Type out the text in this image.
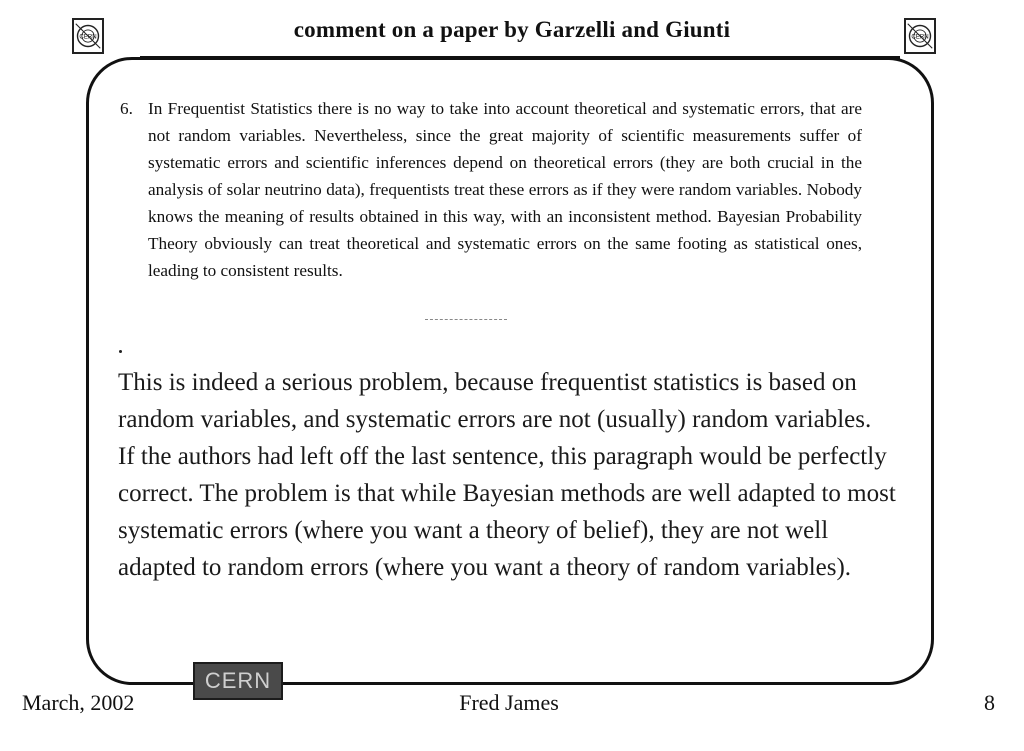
CERN	comment on a paper by Garzelli and Giunti	CERN
6. In Frequentist Statistics there is no way to take into account theoretical and systematic errors, that are not random variables. Nevertheless, since the great majority of scientific measurements suffer of systematic errors and scientific inferences depend on theoretical errors (they are both crucial in the analysis of solar neutrino data), frequentists treat these errors as if they were random variables. Nobody knows the meaning of results obtained in this way, with an inconsistent method. Bayesian Probability Theory obviously can treat theoretical and systematic errors on the same footing as statistical ones, leading to consistent results.

This is indeed a serious problem, because frequentist statistics is based on random variables, and systematic errors are not (usually) random variables.

If the authors had left off the last sentence, this paragraph would be perfectly correct. The problem is that while Bayesian methods are well adapted to most systematic errors (where you want a theory of belief), they are not well adapted to random errors (where you want a theory of random variables).

March, 2002
CERN
Fred James	8
